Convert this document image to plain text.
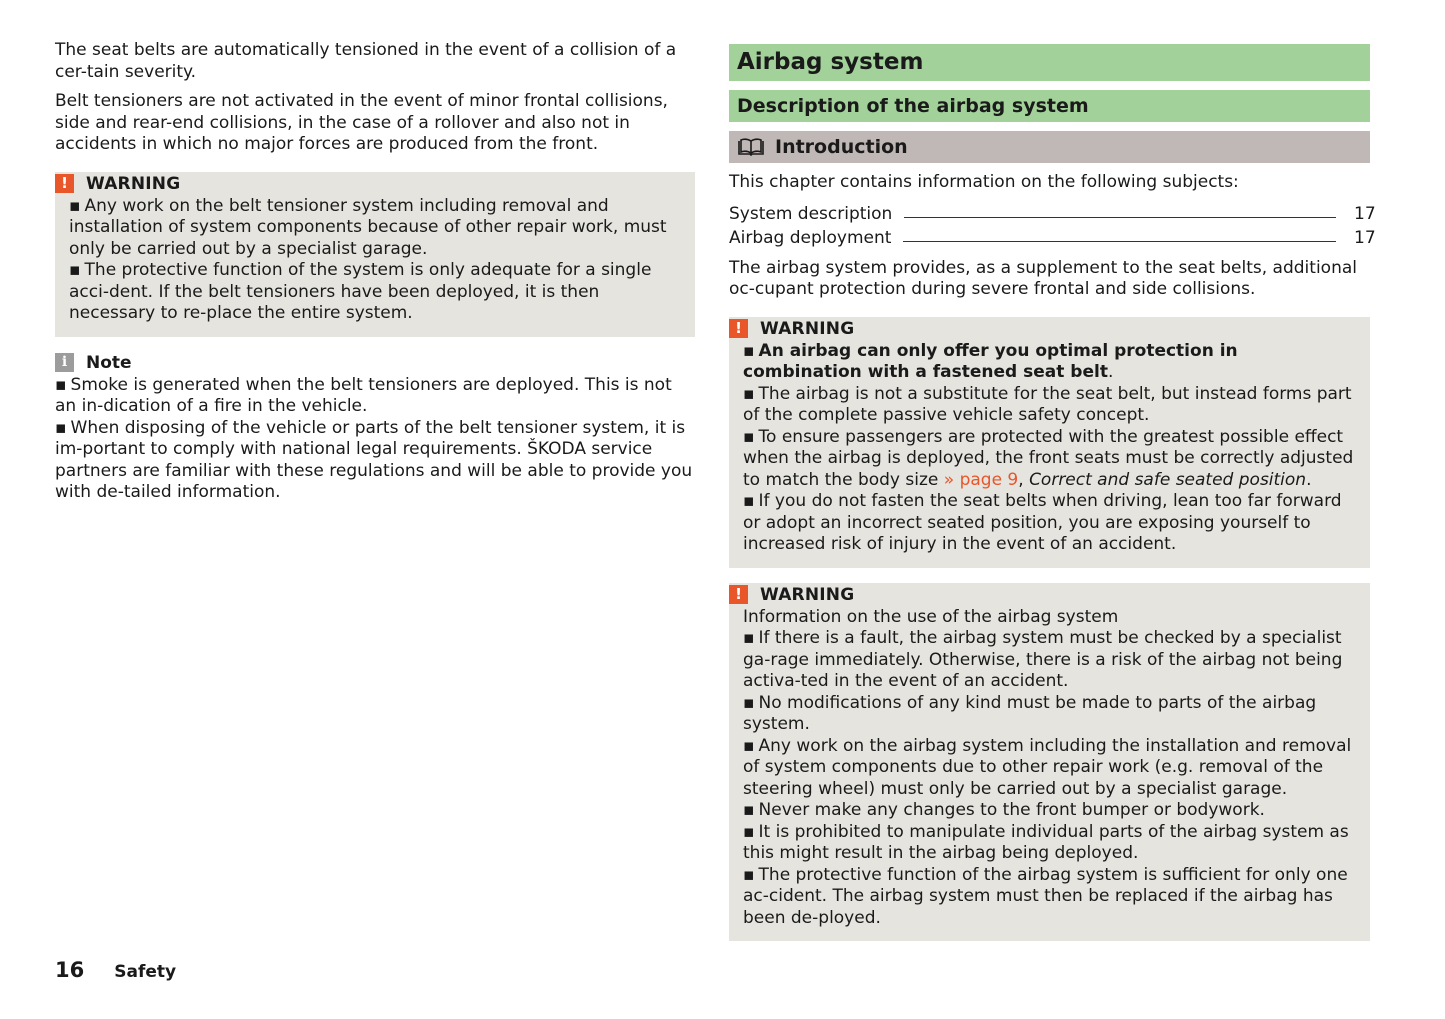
The seat belts are automatically tensioned in the event of a collision of a cer-tain severity.

Belt tensioners are not activated in the event of minor frontal collisions, side and rear-end collisions, in the case of a rollover and also not in accidents in which no major forces are produced from the front.

!	WARNING

▪ Any work on the belt tensioner system including removal and installation of system components because of other repair work, must only be carried out by a specialist garage.

▪ The protective function of the system is only adequate for a single acci-dent. If the belt tensioners have been deployed, it is then necessary to re-place the entire system.

i	Note

▪ Smoke is generated when the belt tensioners are deployed. This is not an in-dication of a fire in the vehicle.

▪ When disposing of the vehicle or parts of the belt tensioner system, it is im-portant to comply with national legal requirements. ŠKODA service partners are familiar with these regulations and will be able to provide you with de-tailed information.

Airbag system
Description of the airbag system
Introduction

This chapter contains information on the following subjects:

System description	17
Airbag deployment	17

The airbag system provides, as a supplement to the seat belts, additional oc-cupant protection during severe frontal and side collisions.

!	WARNING

▪ An airbag can only offer you optimal protection in combination with a fastened seat belt.

▪ The airbag is not a substitute for the seat belt, but instead forms part of the complete passive vehicle safety concept.

▪ To ensure passengers are protected with the greatest possible effect when the airbag is deployed, the front seats must be correctly adjusted to match the body size » page 9, Correct and safe seated position.

▪ If you do not fasten the seat belts when driving, lean too far forward or adopt an incorrect seated position, you are exposing yourself to increased risk of injury in the event of an accident.

!	WARNING

Information on the use of the airbag system

▪ If there is a fault, the airbag system must be checked by a specialist ga-rage immediately. Otherwise, there is a risk of the airbag not being activa-ted in the event of an accident.

▪ No modifications of any kind must be made to parts of the airbag system.

▪ Any work on the airbag system including the installation and removal of system components due to other repair work (e.g. removal of the steering wheel) must only be carried out by a specialist garage.

▪ Never make any changes to the front bumper or bodywork.

▪ It is prohibited to manipulate individual parts of the airbag system as this might result in the airbag being deployed.

▪ The protective function of the airbag system is sufficient for only one ac-cident. The airbag system must then be replaced if the airbag has been de-ployed.

16 Safety
